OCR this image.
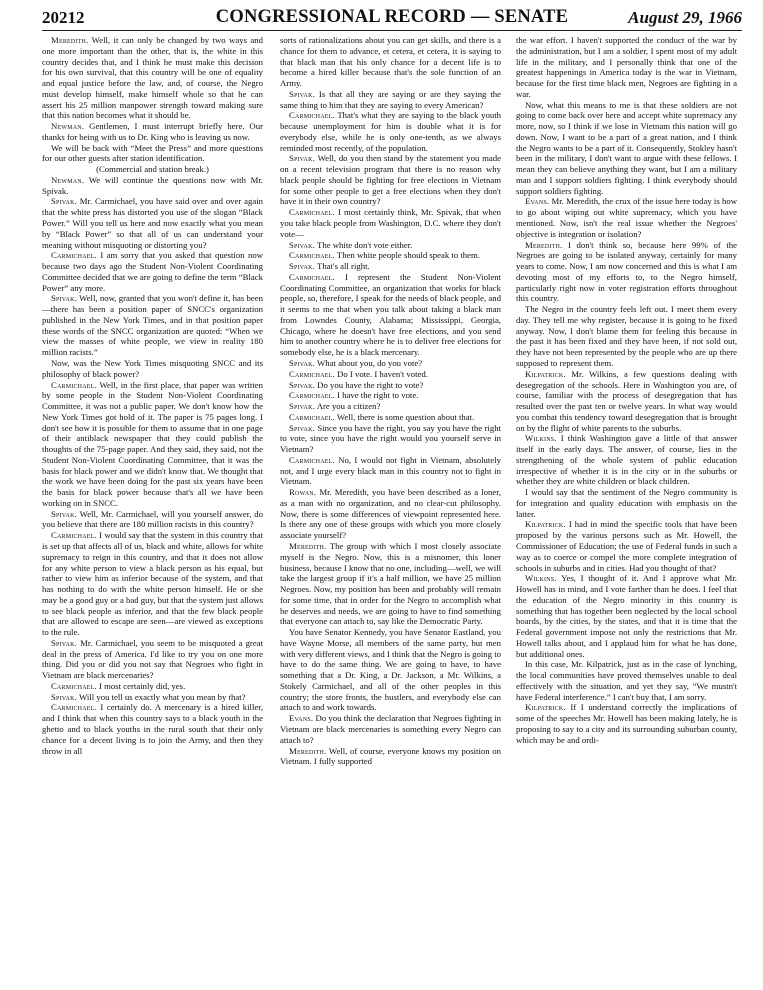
20212	CONGRESSIONAL RECORD — SENATE	August 29, 1966

Meredith. Well, it can only be changed by two ways and one more important than the other, that is, the white in this country decides that, and I think he must make this decision for his own survival, that this country will be one of equality and equal justice before the law, and, of course, the Negro must develop himself, make himself whole so that he can assert his 25 million manpower strength toward making sure that this nation becomes what it should be.

Newman. Gentlemen, I must interrupt briefly here. Our thanks for being with us to Dr. King who is leaving us now.

We will be back with “Meet the Press” and more questions for our other guests after station identification.

(Commercial and station break.)

Newman. We will continue the questions now with Mr. Spivak.

Spivak. Mr. Carmichael, you have said over and over again that the white press has distorted you use of the slogan “Black Power.” Will you tell us here and now exactly what you mean by “Black Power” so that all of us can understand your meaning without misquoting or distorting you?

Carmichael. I am sorry that you asked that question now because two days ago the Student Non-Violent Coordinating Committee decided that we are going to define the term “Black Power” any more.

Spivak. Well, now, granted that you won't define it, has been—there has been a position paper of SNCC's organization published in the New York Times, and in that position paper these words of the SNCC organization are quoted: “When we view the masses of white people, we view in reality 180 million racists.”

Now, was the New York Times misquoting SNCC and its philosophy of black power?

Carmichael. Well, in the first place, that paper was written by some people in the Student Non-Violent Coordinating Committee, it was not a public paper. We don't know how the New York Times got hold of it. The paper is 75 pages long. I don't see how it is possible for them to assume that in one page of their antiblack newspaper that they could publish the thoughts of the 75-page paper. And they said, they said, not the Student Non-Violent Coordinating Committee, that it was the basis for black power and we didn't know that. We thought that the work we have been doing for the past six years have been the basis for black power because that's all we have been working on in SNCC.

Spivak. Well, Mr. Carmichael, will you yourself answer, do you believe that there are 180 million racists in this country?

Carmichael. I would say that the system in this country that is set up that affects all of us, black and white, allows for white supremacy to reign in this country, and that it does not allow for any white person to view a black person as his equal, but rather to view him as inferior because of the system, and that has nothing to do with the white person himself. He or she may be a good guy or a bad guy, but that the system just allows to see black people as inferior, and that the few black people that are allowed to escape are seen—are viewed as exceptions to the rule.

Spivak. Mr. Carmichael, you seem to be misquoted a great deal in the press of America. I'd like to try you on one more thing. Did you or did you not say that Negroes who fight in Vietnam are black mercenaries?

Carmichael. I most certainly did, yes.

Spivak. Will you tell us exactly what you mean by that?

Carmichael. I certainly do. A mercenary is a hired killer, and I think that when this country says to a black youth in the ghetto and to black youths in the rural south that their only chance for a decent living is to join the Army, and then they throw in all

sorts of rationalizations about you can get skills, and there is a chance for them to advance, et cetera, et cetera, it is saying to that black man that his only chance for a decent life is to become a hired killer because that's the sole function of an Army.

Spivak. Is that all they are saying or are they saying the same thing to him that they are saying to every American?

Carmichael. That's what they are saying to the black youth because unemployment for him is double what it is for everybody else, while he is only one-tenth, as we always reminded most recently, of the population.

Spivak. Well, do you then stand by the statement you made on a recent television program that there is no reason why black people should be fighting for free elections in Vietnam for some other people to get a free elections when they don't have it in their own country?

Carmichael. I most certainly think, Mr. Spivak, that when you take black people from Washington, D.C. where they don't vote—

Spivak. The white don't vote either.

Carmichael. Then white people should speak to them.

Spivak. That's all right.

Carmichael. I represent the Student Non-Violent Coordinating Committee, an organization that works for black people, so, therefore, I speak for the needs of black people, and it seems to me that when you talk about taking a black man from Lowndes County, Alabama; Mississippi, Georgia, Chicago, where he doesn't have free elections, and you send him to another country where he is to deliver free elections for somebody else, he is a black mercenary.

Spivak. What about you, do you vote?

Carmichael. Do I vote. I haven't voted.

Spivak. Do you have the right to vote?

Carmichael. I have the right to vote.

Spivak. Are you a citizen?

Carmichael. Well, there is some question about that.

Spivak. Since you have the right, you say you have the right to vote, since you have the right would you yourself serve in Vietnam?

Carmichael. No, I would not fight in Vietnam, absolutely not, and I urge every black man in this country not to fight in Vietnam.

Rowan. Mr. Meredith, you have been described as a loner, as a man with no organization, and no clear-cut philosophy. Now, there is some differences of viewpoint represented here. Is there any one of these groups with which you more closely associate yourself?

Meredith. The group with which I most closely associate myself is the Negro. Now, this is a misnomer, this loner business, because I know that no one, including—well, we will take the largest group if it's a half million, we have 25 million Negroes. Now, my position has been and probably will remain for some time, that in order for the Negro to accomplish what he deserves and needs, we are going to have to find something that everyone can attach to, say like the Democratic Party.

You have Senator Kennedy, you have Senator Eastland, you have Wayne Morse, all members of the same party, but men with very different views, and I think that the Negro is going to have to do the same thing. We are going to have, to have something that a Dr. King, a Dr. Jackson, a Mr. Wilkins, a Stokely Carmichael, and all of the other peoples in this country; the store fronts, the hustlers, and everybody else can attach to and work towards.

Evans. Do you think the declaration that Negroes fighting in Vietnam are black mercenaries is something every Negro can attach to?

Meredith. Well, of course, everyone knows my position on Vietnam. I fully supported

the war effort. I haven't supported the conduct of the war by the administration, but I am a soldier, I spent most of my adult life in the military, and I personally think that one of the greatest happenings in America today is the war in Vietnam, because for the first time black men, Negroes are fighting in a war.

Now, what this means to me is that these soldiers are not going to come back over here and accept white supremacy any more, now, so I think if we lose in Vietnam this nation will go down. Now, I want to be a part of a great nation, and I think the Negro wants to be a part of it. Consequently, Stokley hasn't been in the military, I don't want to argue with these fellows. I mean they can believe anything they want, but I am a military man and I support soldiers fighting. I think everybody should support soldiers fighting.

Evans. Mr. Meredith, the crux of the issue here today is how to go about wiping out white supremacy, which you have mentioned. Now, isn't the real issue whether the Negroes' objective is integration or isolation?

Meredith. I don't think so, because here 99% of the Negroes are going to be isolated anyway, certainly for many years to come. Now, I am now concerned and this is what I am devoting most of my efforts to, to the Negro himself, particularly right now in voter registration efforts throughout this country.

The Negro in the country feels left out. I meet them every day. They tell me why register, because it is going to be fixed anyway. Now, I don't blame them for feeling this because in the past it has been fixed and they have been, if not sold out, they have not been represented by the people who are up there supposed to represent them.

Kilpatrick. Mr. Wilkins, a few questions dealing with desegregation of the schools. Here in Washington you are, of course, familiar with the process of desegregation that has resulted over the past ten or twelve years. In what way would you combat this tendency toward desegregation that is brought on by the flight of white parents to the suburbs.

Wilkins. I think Washington gave a little of that answer itself in the early days. The answer, of course, lies in the strengthening of the whole system of public education irrespective of whether it is in the city or in the suburbs or whether they are white children or black children.

I would say that the sentiment of the Negro community is for integration and quality education with emphasis on the latter.

Kilpatrick. I had in mind the specific tools that have been proposed by the various persons such as Mr. Howell, the Commissioner of Education; the use of Federal funds in such a way as to coerce or compel the more complete integration of schools in suburbs and in cities. Had you thought of that?

Wilkins. Yes, I thought of it. And I approve what Mr. Howell has in mind, and I vote farther than he does. I feel that the education of the Negro minority in this country is something that has together been neglected by the local school boards, by the cities, by the states, and that it is time that the Federal government impose not only the restrictions that Mr. Howell talks about, and I applaud him for what he has done, but additional ones.

In this case, Mr. Kilpatrick, just as in the case of lynching, the local communities have proved themselves unable to deal effectively with the situation, and yet they say, “We mustn't have Federal interference.” I can't buy that, I am sorry.

Kilpatrick. If I understand correctly the implications of some of the speeches Mr. Howell has been making lately, he is proposing to say to a city and its surrounding suburban county, which may be and ordi-
